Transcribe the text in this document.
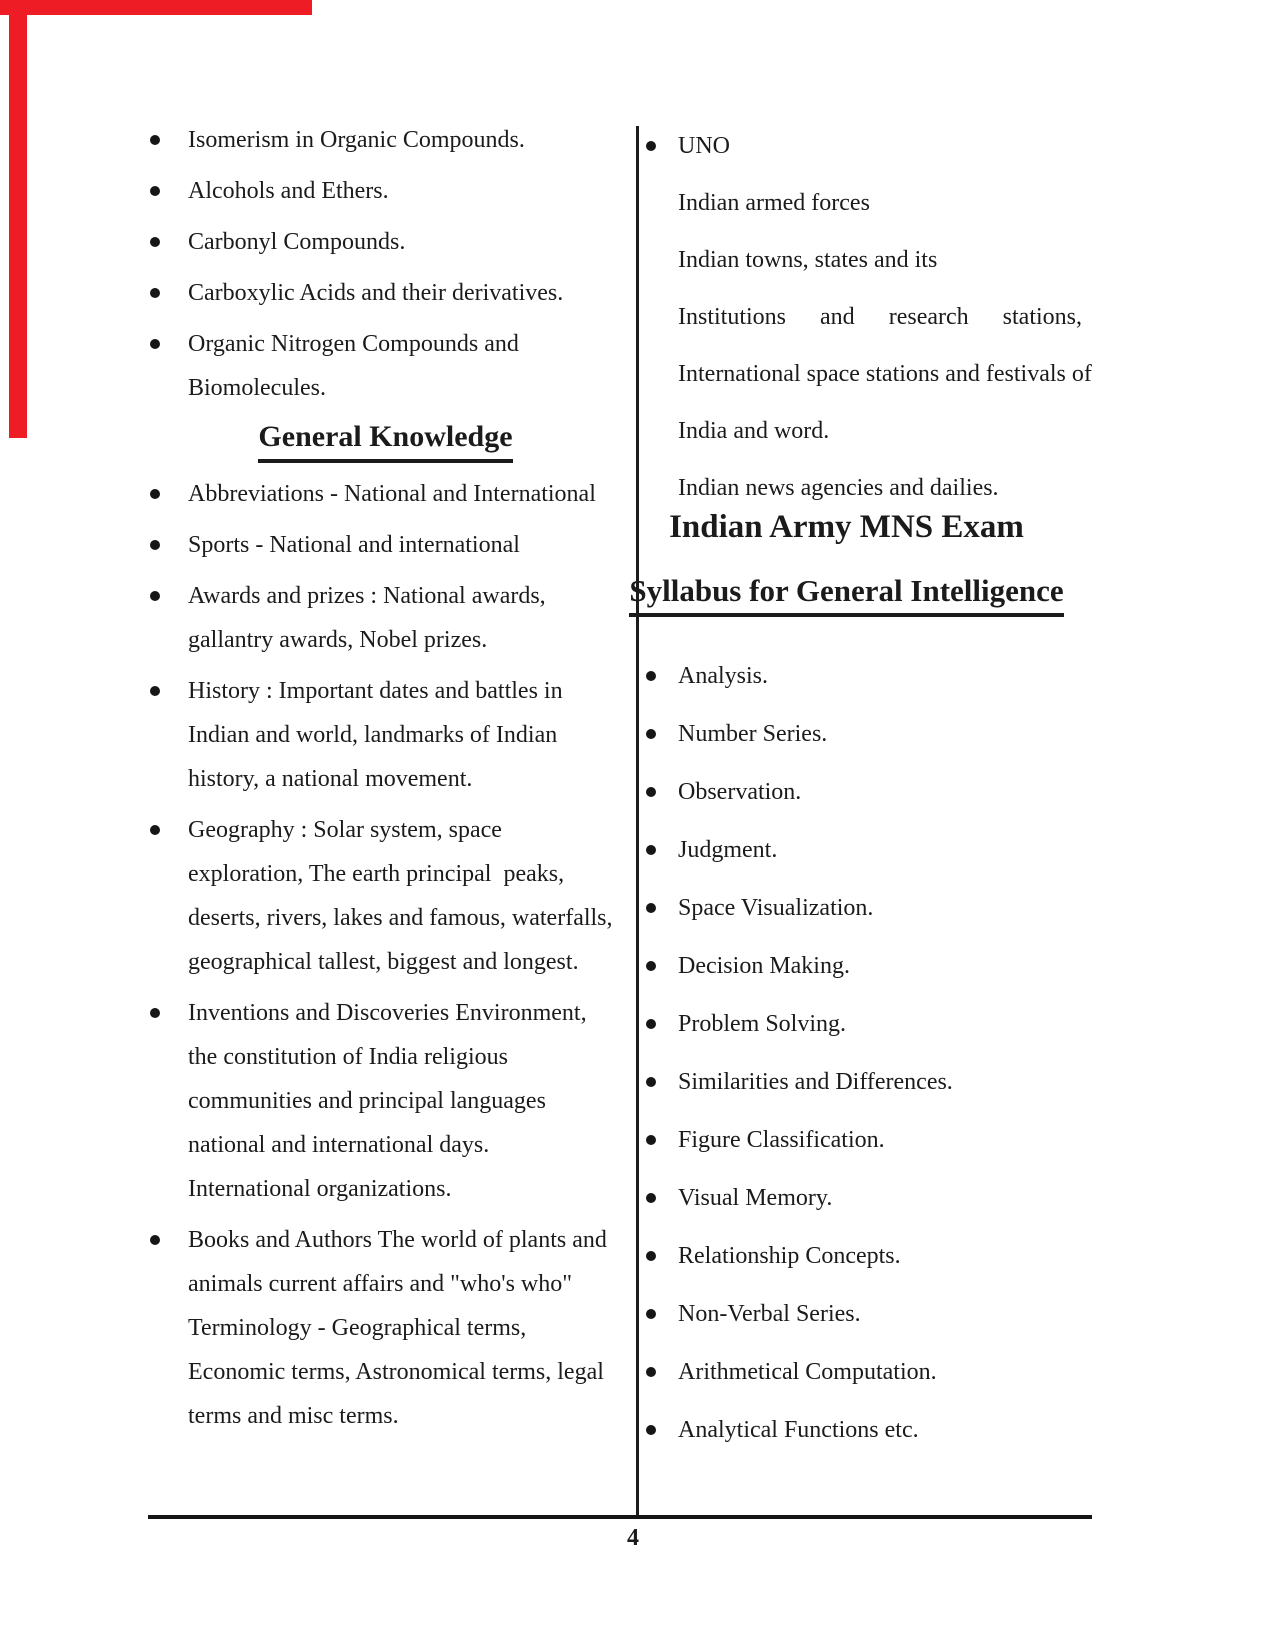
Isomerism in Organic Compounds.
Alcohols and Ethers.
Carbonyl Compounds.
Carboxylic Acids and their derivatives.
Organic Nitrogen Compounds and
Biomolecules.
General Knowledge
Abbreviations - National and International
Sports - National and international
Awards and prizes : National awards,
gallantry awards, Nobel prizes.
History : Important dates and battles in
Indian and world, landmarks of Indian
history, a national movement.
Geography : Solar system, space
exploration, The earth principal  peaks,
deserts, rivers, lakes and famous, waterfalls,
geographical tallest, biggest and longest.
Inventions and Discoveries Environment,
the constitution of India religious
communities and principal languages
national and international days.
International organizations.
Books and Authors The world of plants and
animals current affairs and "who's who"
Terminology - Geographical terms,
Economic terms, Astronomical terms, legal
terms and misc terms.
UNO
Indian armed forces
Indian towns, states and its
Institutions and research stations,
International space stations and festivals of
India and word.
Indian news agencies and dailies.
Indian Army MNS Exam
Syllabus for General Intelligence
Analysis.
Number Series.
Observation.
Judgment.
Space Visualization.
Decision Making.
Problem Solving.
Similarities and Differences.
Figure Classification.
Visual Memory.
Relationship Concepts.
Non-Verbal Series.
Arithmetical Computation.
Analytical Functions etc.
4
